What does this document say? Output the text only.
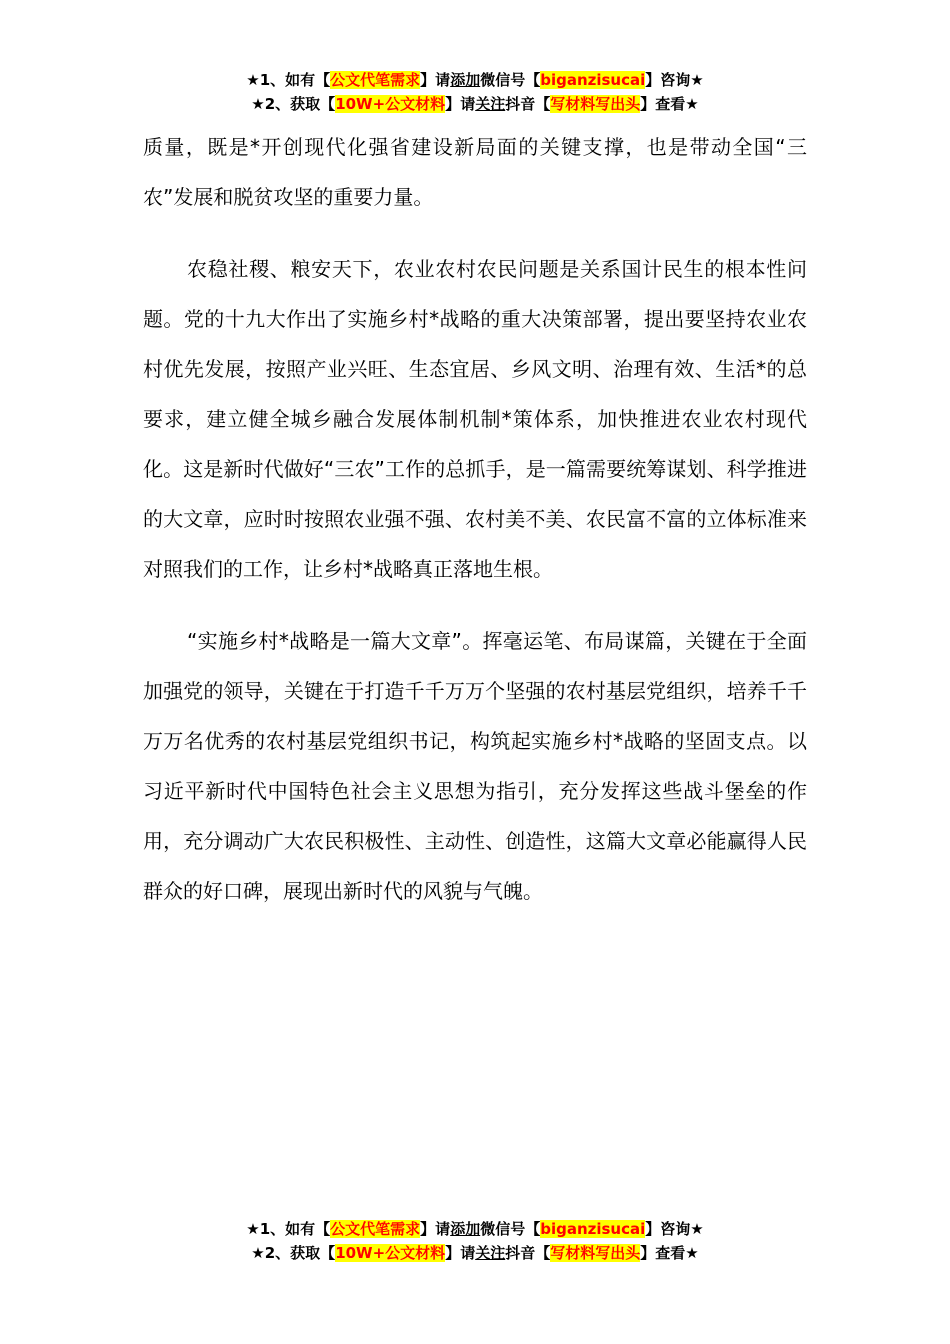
★1、如有【公文代笔需求】请添加微信号【biganzisucai】咨询★
★2、获取【10W+公文材料】请关注抖音【写材料写出头】查看★

质量，既是*开创现代化强省建设新局面的关键支撑，也是带动全国“三农”发展和脱贫攻坚的重要力量。

农稳社稷、粮安天下，农业农村农民问题是关系国计民生的根本性问题。党的十九大作出了实施乡村*战略的重大决策部署，提出要坚持农业农村优先发展，按照产业兴旺、生态宜居、乡风文明、治理有效、生活*的总要求，建立健全城乡融合发展体制机制*策体系，加快推进农业农村现代化。这是新时代做好“三农”工作的总抓手，是一篇需要统筹谋划、科学推进的大文章，应时时按照农业强不强、农村美不美、农民富不富的立体标准来对照我们的工作，让乡村*战略真正落地生根。

“实施乡村*战略是一篇大文章”。挥毫运笔、布局谋篇，关键在于全面加强党的领导，关键在于打造千千万万个坚强的农村基层党组织，培养千千万万名优秀的农村基层党组织书记，构筑起实施乡村*战略的坚固支点。以习近平新时代中国特色社会主义思想为指引，充分发挥这些战斗堡垒的作用，充分调动广大农民积极性、主动性、创造性，这篇大文章必能赢得人民群众的好口碑，展现出新时代的风貌与气魄。

★1、如有【公文代笔需求】请添加微信号【biganzisucai】咨询★
★2、获取【10W+公文材料】请关注抖音【写材料写出头】查看★
